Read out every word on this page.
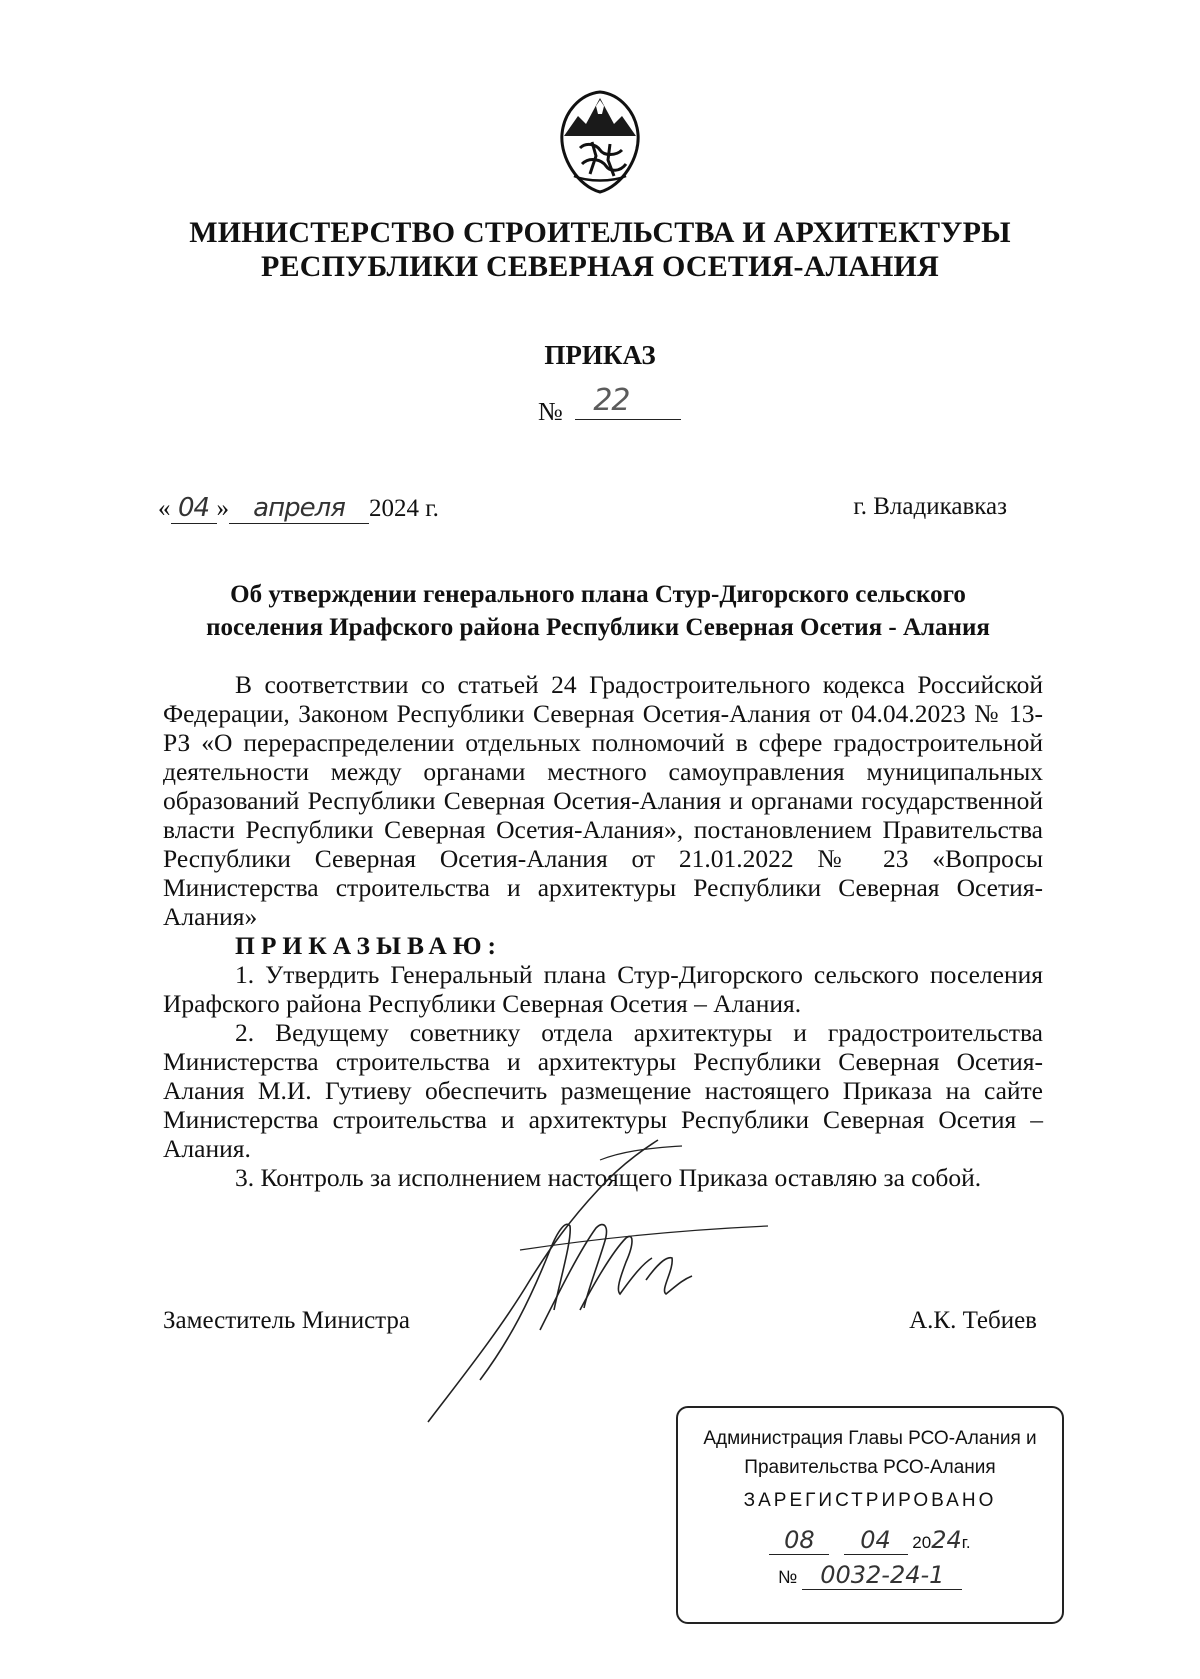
МИНИСТЕРСТВО СТРОИТЕЛЬСТВА И АРХИТЕКТУРЫ
РЕСПУБЛИКИ СЕВЕРНАЯ ОСЕТИЯ-АЛАНИЯ
ПРИКАЗ
№ 22
« 04 » апреля 2024 г.	г. Владикавказ
Об утверждении генерального плана Стур-Дигорского сельского
поселения Ирафского района Республики Северная Осетия - Алания

В соответствии со статьей 24 Градостроительного кодекса Российской Федерации, Законом Республики Северная Осетия-Алания от 04.04.2023 № 13-РЗ «О перераспределении отдельных полномочий в сфере градостроительной деятельности между органами местного самоуправления муниципальных образований Республики Северная Осетия-Алания и органами государственной власти Республики Северная Осетия-Алания», постановлением Правительства Республики Северная Осетия-Алания от 21.01.2022 № 23 «Вопросы Министерства строительства и архитектуры Республики Северная Осетия-Алания»

ПРИКАЗЫВАЮ:

1. Утвердить Генеральный плана Стур-Дигорского сельского поселения Ирафского района Республики Северная Осетия – Алания.

2. Ведущему советнику отдела архитектуры и градостроительства Министерства строительства и архитектуры Республики Северная Осетия-Алания М.И. Гутиеву обеспечить размещение настоящего Приказа на сайте Министерства строительства и архитектуры Республики Северная Осетия – Алания.

3. Контроль за исполнением настоящего Приказа оставляю за собой.

Заместитель Министра	А.К. Тебиев
Администрация Главы РСО-Алания и
Правительства РСО-Алания
ЗАРЕГИСТРИРОВАНО
08 04 2024г.
№ 0032-24-1
